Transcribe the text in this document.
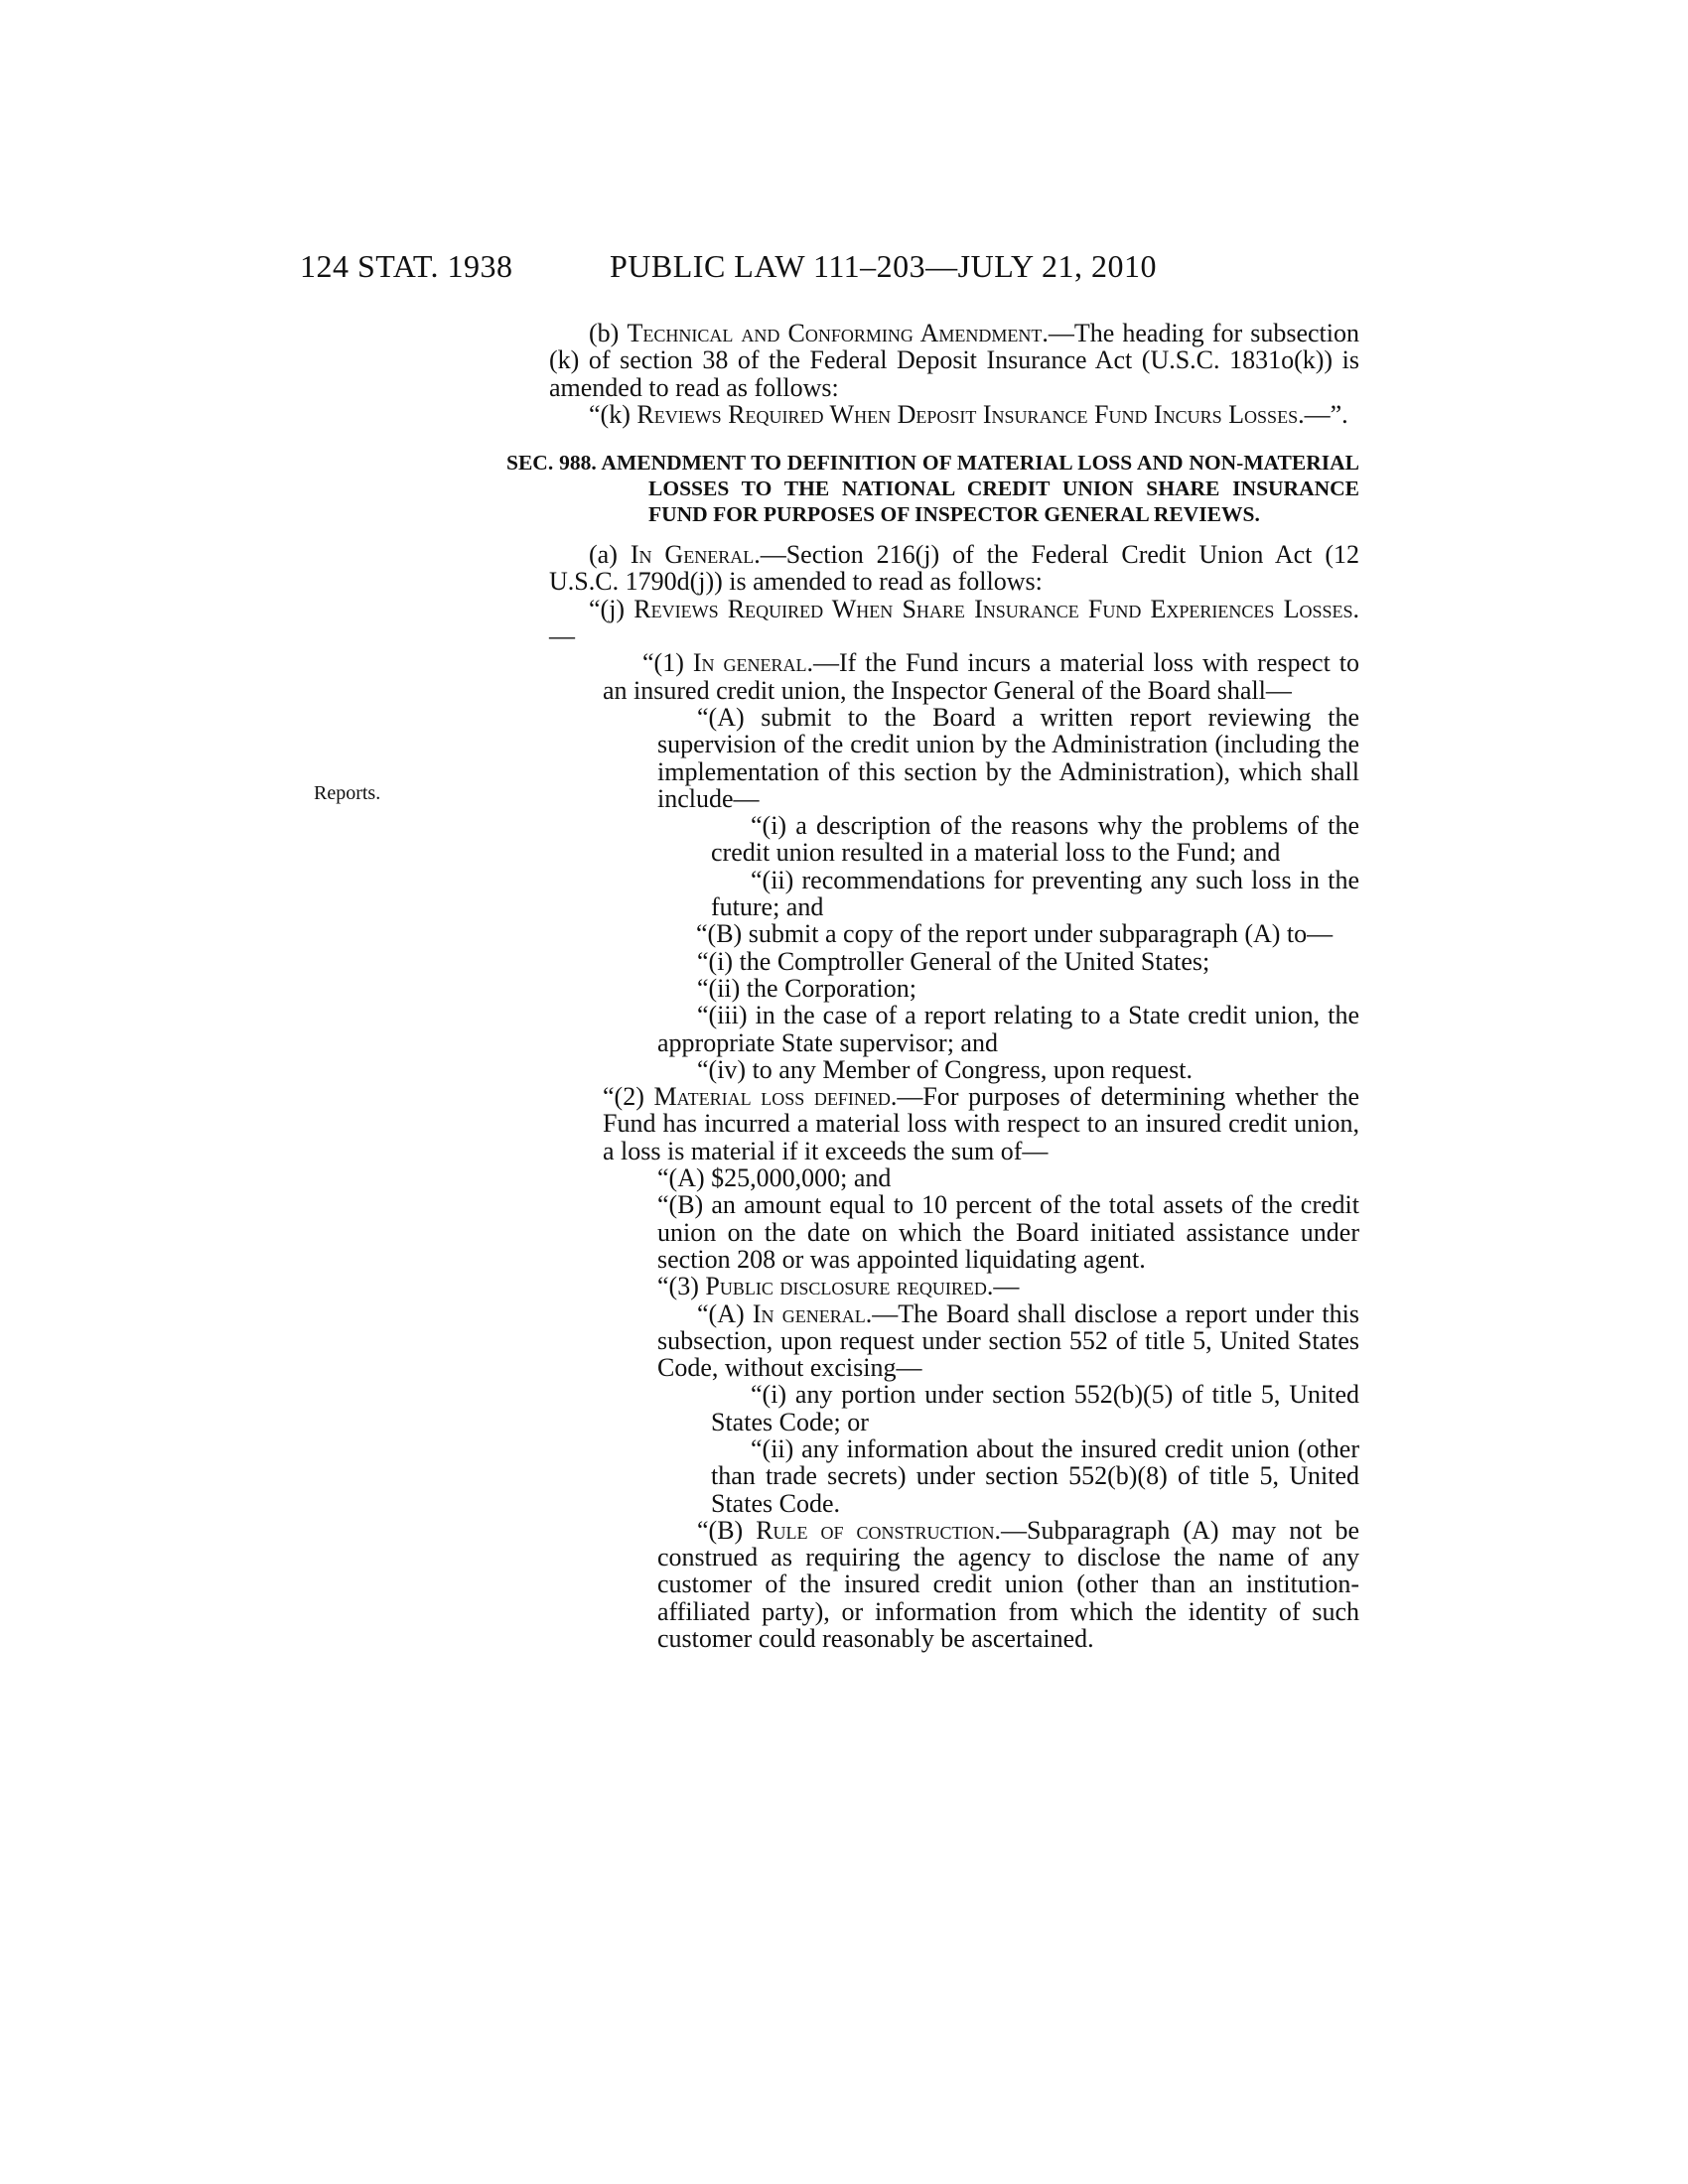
124 STAT. 1938	PUBLIC LAW 111–203—JULY 21, 2010
Reports.

(b) Technical and Conforming Amendment.—The heading for subsection (k) of section 38 of the Federal Deposit Insurance Act (U.S.C. 1831o(k)) is amended to read as follows:

“(k) Reviews Required When Deposit Insurance Fund Incurs Losses.—”.

SEC. 988. AMENDMENT TO DEFINITION OF MATERIAL LOSS AND NON-MATERIAL LOSSES TO THE NATIONAL CREDIT UNION SHARE INSURANCE FUND FOR PURPOSES OF INSPECTOR GENERAL REVIEWS.

(a) In General.—Section 216(j) of the Federal Credit Union Act (12 U.S.C. 1790d(j)) is amended to read as follows:

“(j) Reviews Required When Share Insurance Fund Experiences Losses.—

“(1) In general.—If the Fund incurs a material loss with respect to an insured credit union, the Inspector General of the Board shall—

“(A) submit to the Board a written report reviewing the supervision of the credit union by the Administration (including the implementation of this section by the Administration), which shall include—

“(i) a description of the reasons why the problems of the credit union resulted in a material loss to the Fund; and

“(ii) recommendations for preventing any such loss in the future; and

“(B) submit a copy of the report under subparagraph (A) to—

“(i) the Comptroller General of the United States;

“(ii) the Corporation;

“(iii) in the case of a report relating to a State credit union, the appropriate State supervisor; and

“(iv) to any Member of Congress, upon request.

“(2) Material loss defined.—For purposes of determining whether the Fund has incurred a material loss with respect to an insured credit union, a loss is material if it exceeds the sum of—

“(A) $25,000,000; and

“(B) an amount equal to 10 percent of the total assets of the credit union on the date on which the Board initiated assistance under section 208 or was appointed liquidating agent.

“(3) Public disclosure required.—

“(A) In general.—The Board shall disclose a report under this subsection, upon request under section 552 of title 5, United States Code, without excising—

“(i) any portion under section 552(b)(5) of title 5, United States Code; or

“(ii) any information about the insured credit union (other than trade secrets) under section 552(b)(8) of title 5, United States Code.

“(B) Rule of construction.—Subparagraph (A) may not be construed as requiring the agency to disclose the name of any customer of the insured credit union (other than an institution-affiliated party), or information from which the identity of such customer could reasonably be ascertained.
